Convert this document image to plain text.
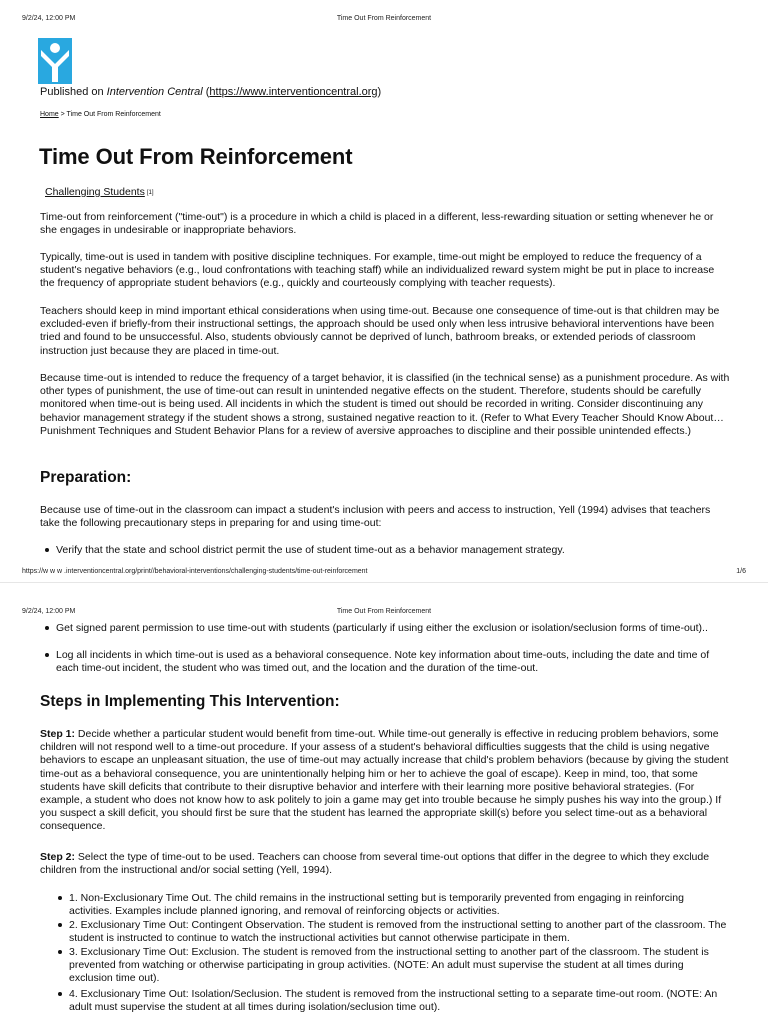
9/2/24, 12:00 PM	Time Out From Reinforcement
Published on Intervention Central (https://www.interventioncentral.org)
Home > Time Out From Reinforcement
Time Out From Reinforcement
Challenging Students [1]
Time-out from reinforcement ("time-out") is a procedure in which a child is placed in a different, less-rewarding situation or setting whenever he or she engages in undesirable or inappropriate behaviors.
Typically, time-out is used in tandem with positive discipline techniques. For example, time-out might be employed to reduce the frequency of a student's negative behaviors (e.g., loud confrontations with teaching staff) while an individualized reward system might be put in place to increase the frequency of appropriate student behaviors (e.g., quickly and courteously complying with teacher requests).
Teachers should keep in mind important ethical considerations when using time-out. Because one consequence of time-out is that children may be excluded-even if briefly-from their instructional settings, the approach should be used only when less intrusive behavioral interventions have been tried and found to be unsuccessful. Also, students obviously cannot be deprived of lunch, bathroom breaks, or extended periods of classroom instruction just because they are placed in time-out.
Because time-out is intended to reduce the frequency of a target behavior, it is classified (in the technical sense) as a punishment procedure. As with other types of punishment, the use of time-out can result in unintended negative effects on the student. Therefore, students should be carefully monitored when time-out is being used. All incidents in which the student is timed out should be recorded in writing. Consider discontinuing any behavior management strategy if the student shows a strong, sustained negative reaction to it. (Refer to What Every Teacher Should Know About…Punishment Techniques and Student Behavior Plans for a review of aversive approaches to discipline and their possible unintended effects.)
Preparation:
Because use of time-out in the classroom can impact a student's inclusion with peers and access to instruction, Yell (1994) advises that teachers take the following precautionary steps in preparing for and using time-out:
Verify that the state and school district permit the use of student time-out as a behavior management strategy.
https://w w w .interventioncentral.org/print//behavioral-interventions/challenging-students/time-out-reinforcement	1/6
9/2/24, 12:00 PM	Time Out From Reinforcement
Get signed parent permission to use time-out with students (particularly if using either the exclusion or isolation/seclusion forms of time-out)..
Log all incidents in which time-out is used as a behavioral consequence. Note key information about time-outs, including the date and time of each time-out incident, the student who was timed out, and the location and the duration of the time-out.
Steps in Implementing This Intervention:
Step 1: Decide whether a particular student would benefit from time-out. While time-out generally is effective in reducing problem behaviors, some children will not respond well to a time-out procedure. If your assess of a student's behavioral difficulties suggests that the child is using negative behaviors to escape an unpleasant situation, the use of time-out may actually increase that child's problem behaviors (because by giving the student time-out as a behavioral consequence, you are unintentionally helping him or her to achieve the goal of escape). Keep in mind, too, that some students have skill deficits that contribute to their disruptive behavior and interfere with their learning more positive behavioral strategies. (For example, a student who does not know how to ask politely to join a game may get into trouble because he simply pushes his way into the group.) If you suspect a skill deficit, you should first be sure that the student has learned the appropriate skill(s) before you select time-out as a behavioral consequence.
Step 2: Select the type of time-out to be used. Teachers can choose from several time-out options that differ in the degree to which they exclude children from the instructional and/or social setting (Yell, 1994).
1. Non-Exclusionary Time Out. The child remains in the instructional setting but is temporarily prevented from engaging in reinforcing activities. Examples include planned ignoring, and removal of reinforcing objects or activities.
2. Exclusionary Time Out: Contingent Observation. The student is removed from the instructional setting to another part of the classroom. The student is instructed to continue to watch the instructional activities but cannot otherwise participate in them.
3. Exclusionary Time Out: Exclusion. The student is removed from the instructional setting to another part of the classroom. The student is prevented from watching or otherwise participating in group activities. (NOTE: An adult must supervise the student at all times during exclusion time out).
4. Exclusionary Time Out: Isolation/Seclusion. The student is removed from the instructional setting to a separate time-out room. (NOTE: An adult must supervise the student at all times during isolation/seclusion time out).
